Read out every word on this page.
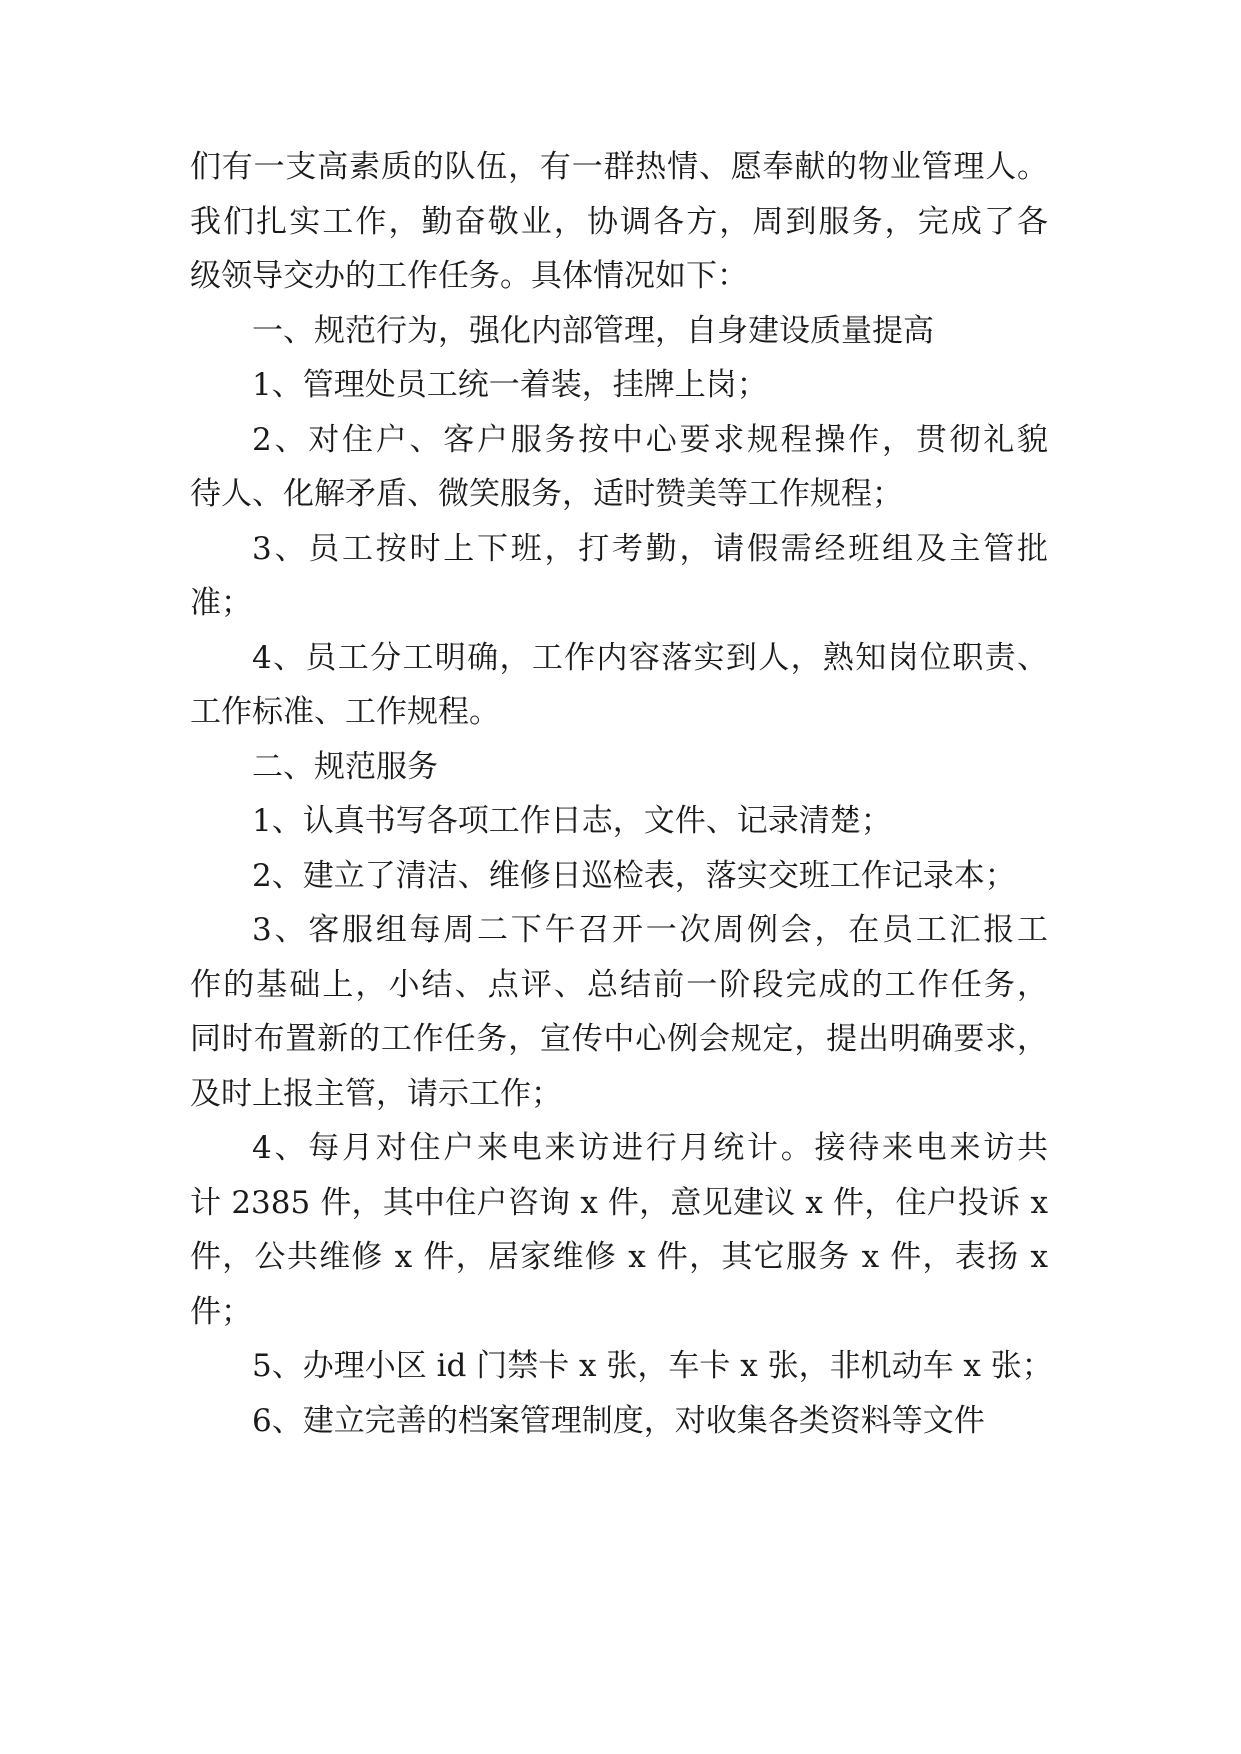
们有一支高素质的队伍，有一群热情、愿奉献的物业管理人。
我们扎实工作，勤奋敬业，协调各方，周到服务，完成了各
级领导交办的工作任务。具体情况如下：

一、规范行为，强化内部管理，自身建设质量提高

1、管理处员工统一着装，挂牌上岗；

2、对住户、客户服务按中心要求规程操作，贯彻礼貌
待人、化解矛盾、微笑服务，适时赞美等工作规程；

3、员工按时上下班，打考勤，请假需经班组及主管批
准；

4、员工分工明确，工作内容落实到人，熟知岗位职责、
工作标准、工作规程。

二、规范服务

1、认真书写各项工作日志，文件、记录清楚；

2、建立了清洁、维修日巡检表，落实交班工作记录本；

3、客服组每周二下午召开一次周例会，在员工汇报工
作的基础上，小结、点评、总结前一阶段完成的工作任务，
同时布置新的工作任务，宣传中心例会规定，提出明确要求，
及时上报主管，请示工作；

4、每月对住户来电来访进行月统计。接待来电来访共
计 2385 件，其中住户咨询 x 件，意见建议 x 件，住户投诉 x
件，公共维修 x 件，居家维修 x 件，其它服务 x 件，表扬 x
件；

5、办理小区 id 门禁卡 x 张，车卡 x 张，非机动车 x 张；

6、建立完善的档案管理制度，对收集各类资料等文件
